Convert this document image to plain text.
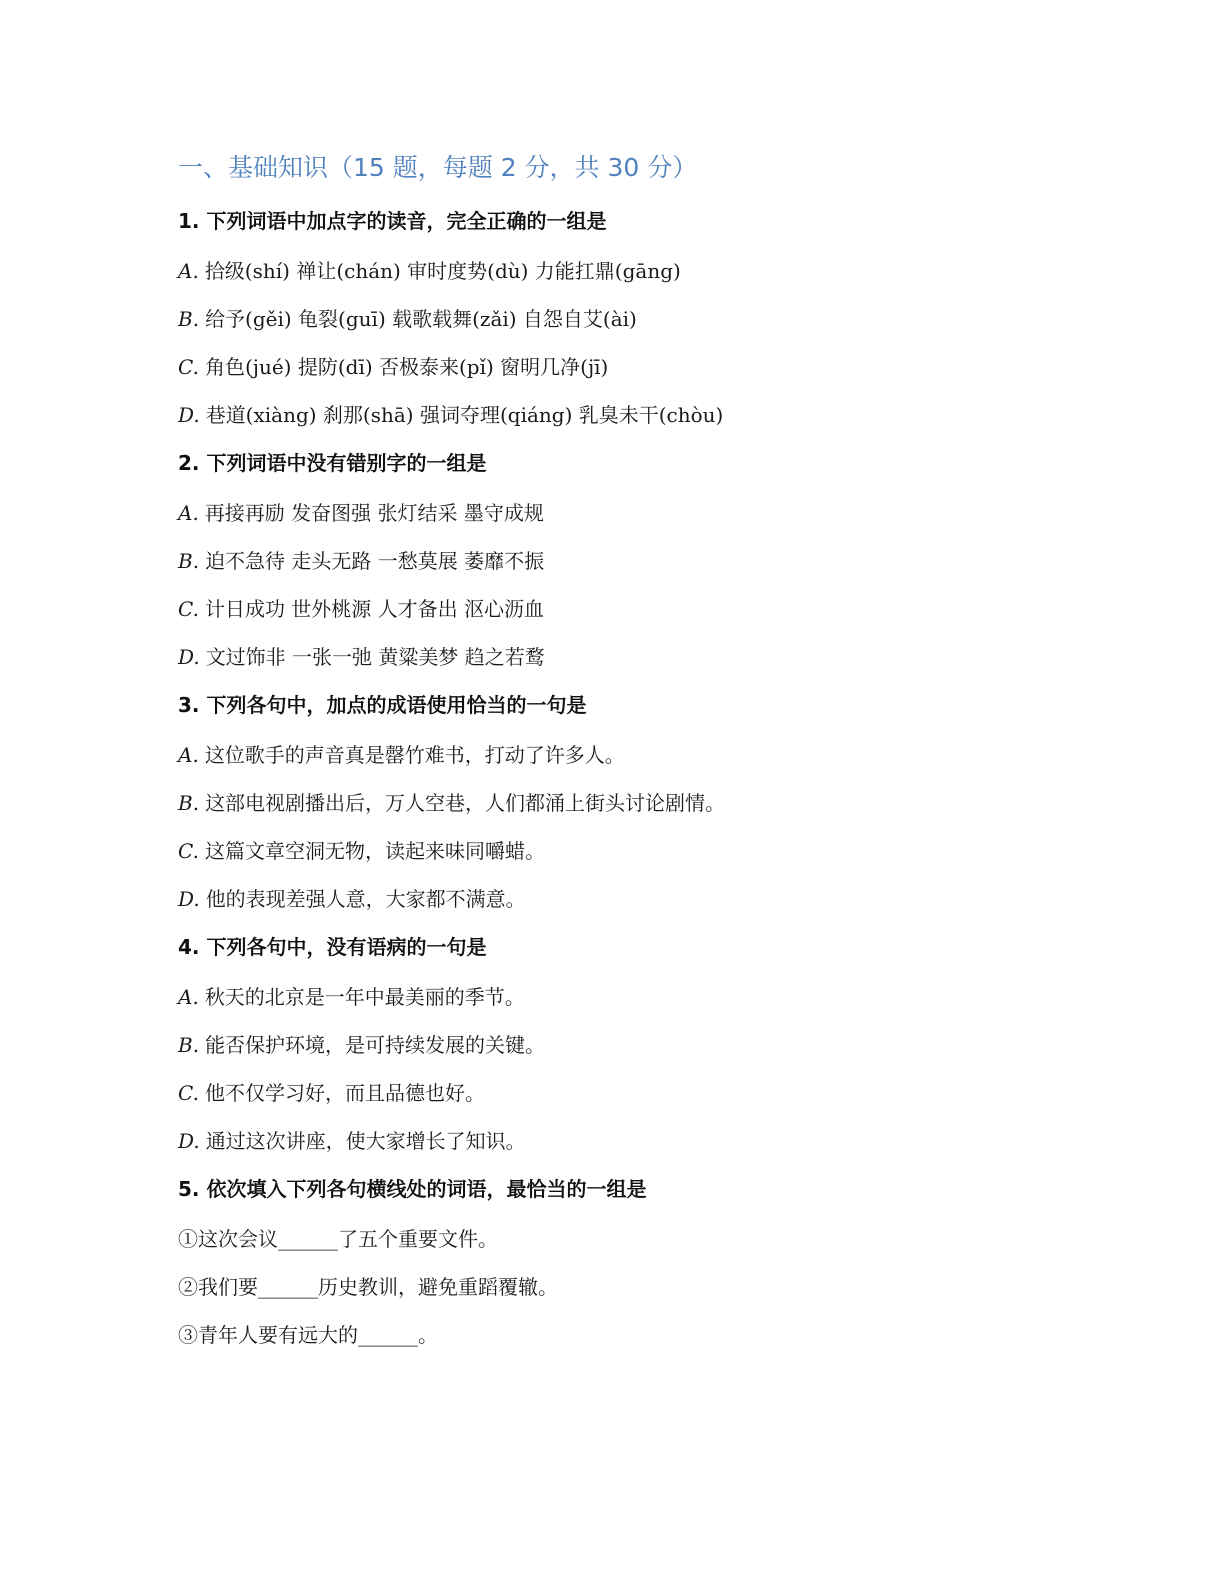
一、基础知识（15 题，每题 2 分，共 30 分）
1. 下列词语中加点字的读音，完全正确的一组是
A. 拾级(shí) 禅让(chán) 审时度势(dù) 力能扛鼎(gāng)
B. 给予(gěi) 龟裂(guī) 载歌载舞(zǎi) 自怨自艾(ài)
C. 角色(jué) 提防(dī) 否极泰来(pǐ) 窗明几净(jī)
D. 巷道(xiàng) 刹那(shā) 强词夺理(qiáng) 乳臭未干(chòu)
2. 下列词语中没有错别字的一组是
A. 再接再励 发奋图强 张灯结采 墨守成规
B. 迫不急待 走头无路 一愁莫展 萎靡不振
C. 计日成功 世外桃源 人才备出 沤心沥血
D. 文过饰非 一张一弛 黄粱美梦 趋之若鹜
3. 下列各句中，加点的成语使用恰当的一句是
A. 这位歌手的声音真是罄竹难书，打动了许多人。
B. 这部电视剧播出后，万人空巷，人们都涌上街头讨论剧情。
C. 这篇文章空洞无物，读起来味同嚼蜡。
D. 他的表现差强人意，大家都不满意。
4. 下列各句中，没有语病的一句是
A. 秋天的北京是一年中最美丽的季节。
B. 能否保护环境，是可持续发展的关键。
C. 他不仅学习好，而且品德也好。
D. 通过这次讲座，使大家增长了知识。
5. 依次填入下列各句横线处的词语，最恰当的一组是
①这次会议______了五个重要文件。
②我们要______历史教训，避免重蹈覆辙。
③青年人要有远大的______。
